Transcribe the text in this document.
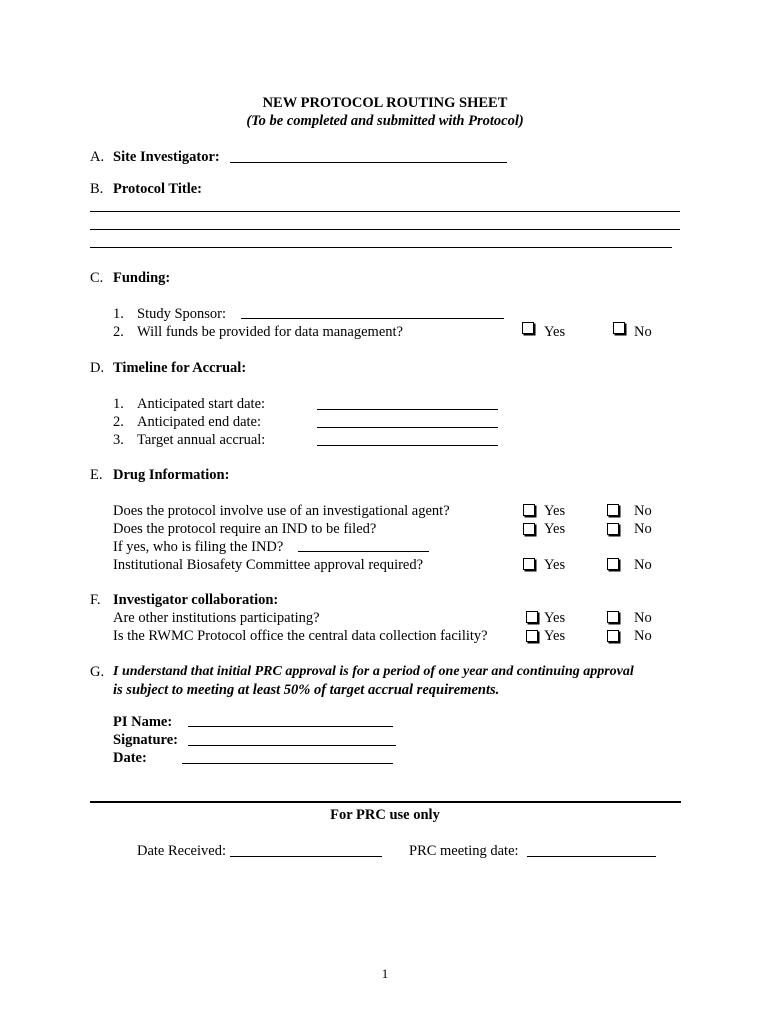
NEW PROTOCOL ROUTING SHEET
(To be completed and submitted with Protocol)
A. Site Investigator:
B. Protocol Title:
C. Funding:
1. Study Sponsor:
2. Will funds be provided for data management?	Yes	No
D. Timeline for Accrual:
1. Anticipated start date:
2. Anticipated end date:
3. Target annual accrual:
E. Drug Information:
Does the protocol involve use of an investigational agent?	Yes	No
Does the protocol require an IND to be filed?	Yes	No
If yes, who is filing the IND?
Institutional Biosafety Committee approval required?	Yes	No
F. Investigator collaboration:
Are other institutions participating?	Yes	No
Is the RWMC Protocol office the central data collection facility?	Yes	No
G. I understand that initial PRC approval is for a period of one year and continuing approval
is subject to meeting at least 50% of target accrual requirements.
PI Name:
Signature:
Date:
For PRC use only
Date Received:	PRC meeting date:
1
